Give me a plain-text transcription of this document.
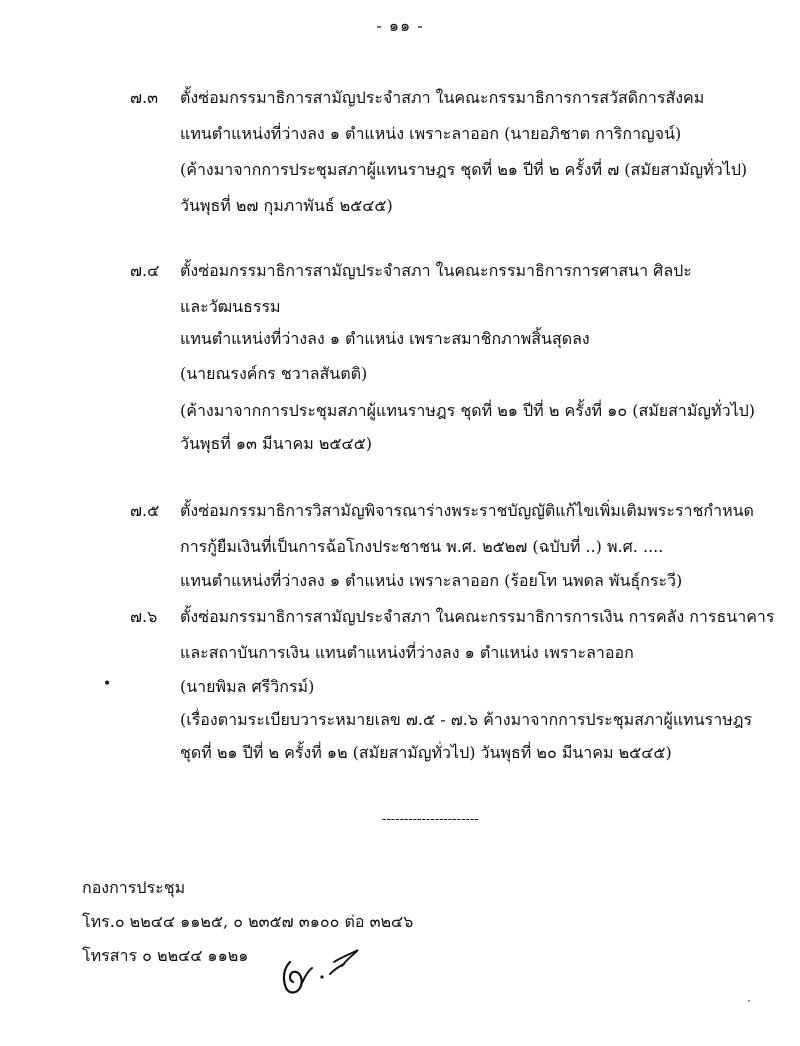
- ๑๑ -
๗.๓ ตั้งซ่อมกรรมาธิการสามัญประจำสภา ในคณะกรรมาธิการการสวัสดิการสังคม
แทนตำแหน่งที่ว่างลง ๑ ตำแหน่ง เพราะลาออก (นายอภิชาต การิกาญจน์)
(ค้างมาจากการประชุมสภาผู้แทนราษฎร ชุดที่ ๒๑ ปีที่ ๒ ครั้งที่ ๗ (สมัยสามัญทั่วไป)
วันพุธที่ ๒๗ กุมภาพันธ์ ๒๕๔๕)
๗.๔ ตั้งซ่อมกรรมาธิการสามัญประจำสภา ในคณะกรรมาธิการการศาสนา ศิลปะ
และวัฒนธรรม
แทนตำแหน่งที่ว่างลง ๑ ตำแหน่ง เพราะสมาชิกภาพสิ้นสุดลง
(นายณรงค์กร ชวาลสันตติ)
(ค้างมาจากการประชุมสภาผู้แทนราษฎร ชุดที่ ๒๑ ปีที่ ๒ ครั้งที่ ๑๐ (สมัยสามัญทั่วไป)
วันพุธที่ ๑๓ มีนาคม ๒๕๔๕)
๗.๕ ตั้งซ่อมกรรมาธิการวิสามัญพิจารณาร่างพระราชบัญญัติแก้ไขเพิ่มเติมพระราชกำหนด
การกู้ยืมเงินที่เป็นการฉ้อโกงประชาชน พ.ศ. ๒๕๒๗ (ฉบับที่ ..) พ.ศ. ....
แทนตำแหน่งที่ว่างลง ๑ ตำแหน่ง เพราะลาออก (ร้อยโท นพดล พันธุ์กระวี)
๗.๖ ตั้งซ่อมกรรมาธิการสามัญประจำสภา ในคณะกรรมาธิการการเงิน การคลัง การธนาคาร
และสถาบันการเงิน แทนตำแหน่งที่ว่างลง ๑ ตำแหน่ง เพราะลาออก
(นายพิมล ศรีวิกรม์)
(เรื่องตามระเบียบวาระหมายเลข ๗.๕ - ๗.๖ ค้างมาจากการประชุมสภาผู้แทนราษฎร
ชุดที่ ๒๑ ปีที่ ๒ ครั้งที่ ๑๒ (สมัยสามัญทั่วไป) วันพุธที่ ๒๐ มีนาคม ๒๕๔๕)
•
----------------------
กองการประชุม
โทร.๐ ๒๒๔๔ ๑๑๒๕, ๐ ๒๓๕๗ ๓๑๐๐ ต่อ ๓๒๔๖
โทรสาร ๐ ๒๒๔๔ ๑๑๒๑
